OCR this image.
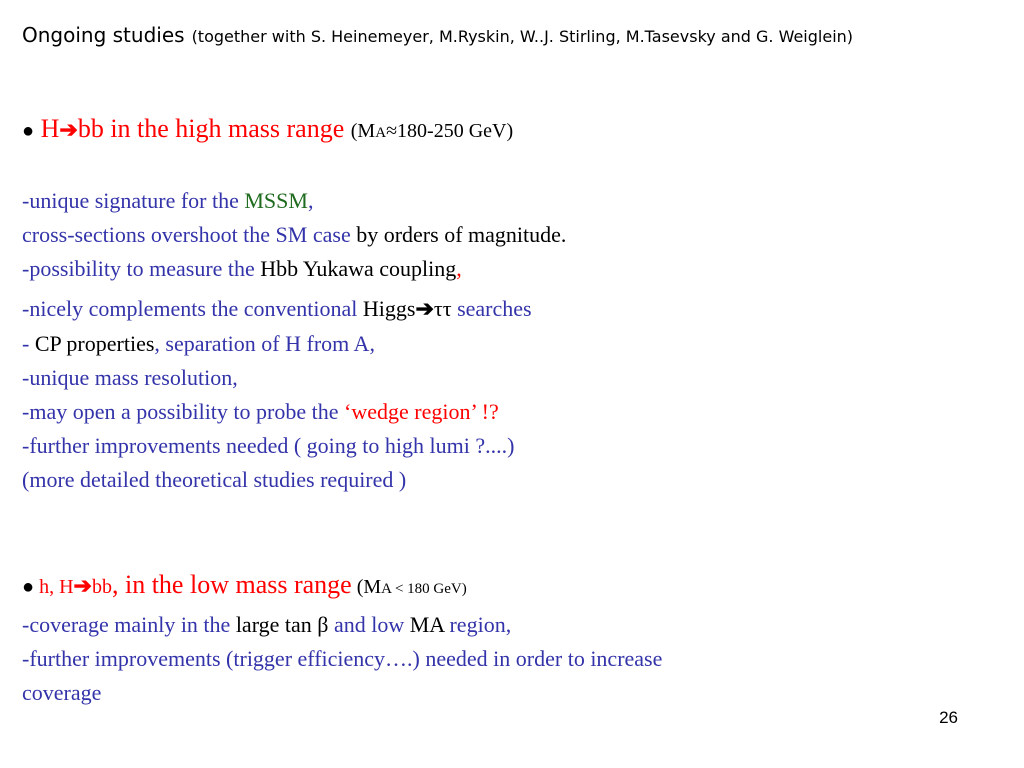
Ongoing studies (together with S. Heinemeyer, M.Ryskin, W..J. Stirling, M.Tasevsky and G. Weiglein)
● H➔bb in the high mass range (MA≈180-250 GeV)
-unique signature for the MSSM,
cross-sections overshoot the SM case by orders of magnitude.
-possibility to measure the Hbb Yukawa coupling,
-nicely complements the conventional Higgs➔ττ searches
- CP properties, separation of H from A,
-unique mass resolution,
-may open a possibility to probe the ‘wedge region’ !?
-further improvements needed ( going to high lumi ?....)
(more detailed theoretical studies required )
● h, H➔bb, in the low mass range (MA < 180 GeV)
-coverage mainly in the large tan β and low MA region,
-further improvements (trigger efficiency….) needed in order to increase
coverage
26
